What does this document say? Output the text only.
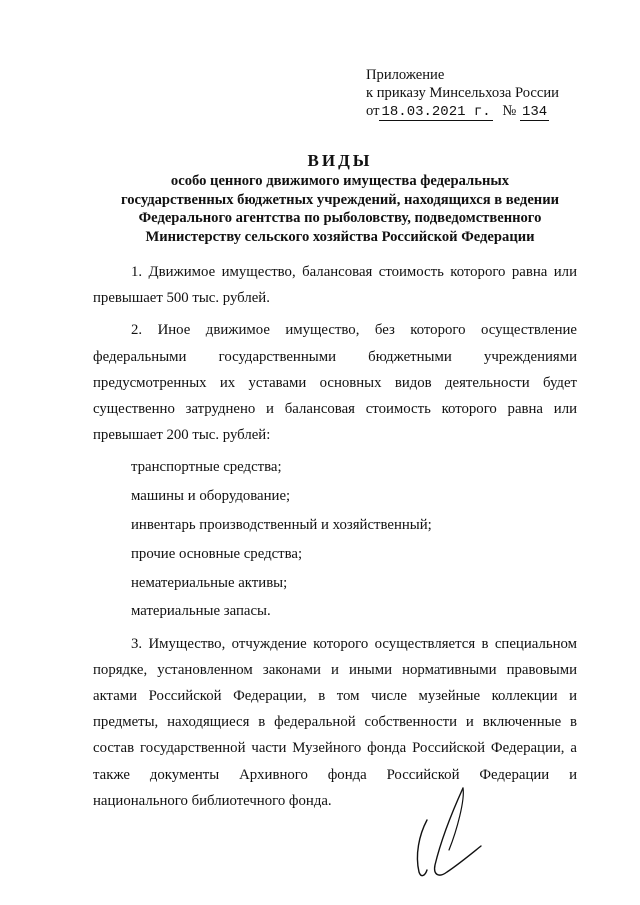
Приложение
к приказу Минсельхоза России
от 18.03.2021 г. № 134
ВИДЫ
особо ценного движимого имущества федеральных
государственных бюджетных учреждений, находящихся в ведении
Федерального агентства по рыболовству, подведомственного
Министерству сельского хозяйства Российской Федерации

1. Движимое имущество, балансовая стоимость которого равна или превышает 500 тыс. рублей.

2. Иное движимое имущество, без которого осуществление федеральными государственными бюджетными учреждениями предусмотренных их уставами основных видов деятельности будет существенно затруднено и балансовая стоимость которого равна или превышает 200 тыс. рублей:

транспортные средства;
машины и оборудование;
инвентарь производственный и хозяйственный;
прочие основные средства;
нематериальные активы;
материальные запасы.

3. Имущество, отчуждение которого осуществляется в специальном порядке, установленном законами и иными нормативными правовыми актами Российской Федерации, в том числе музейные коллекции и предметы, находящиеся в федеральной собственности и включенные в состав государственной части Музейного фонда Российской Федерации, а также документы Архивного фонда Российской Федерации и национального библиотечного фонда.
